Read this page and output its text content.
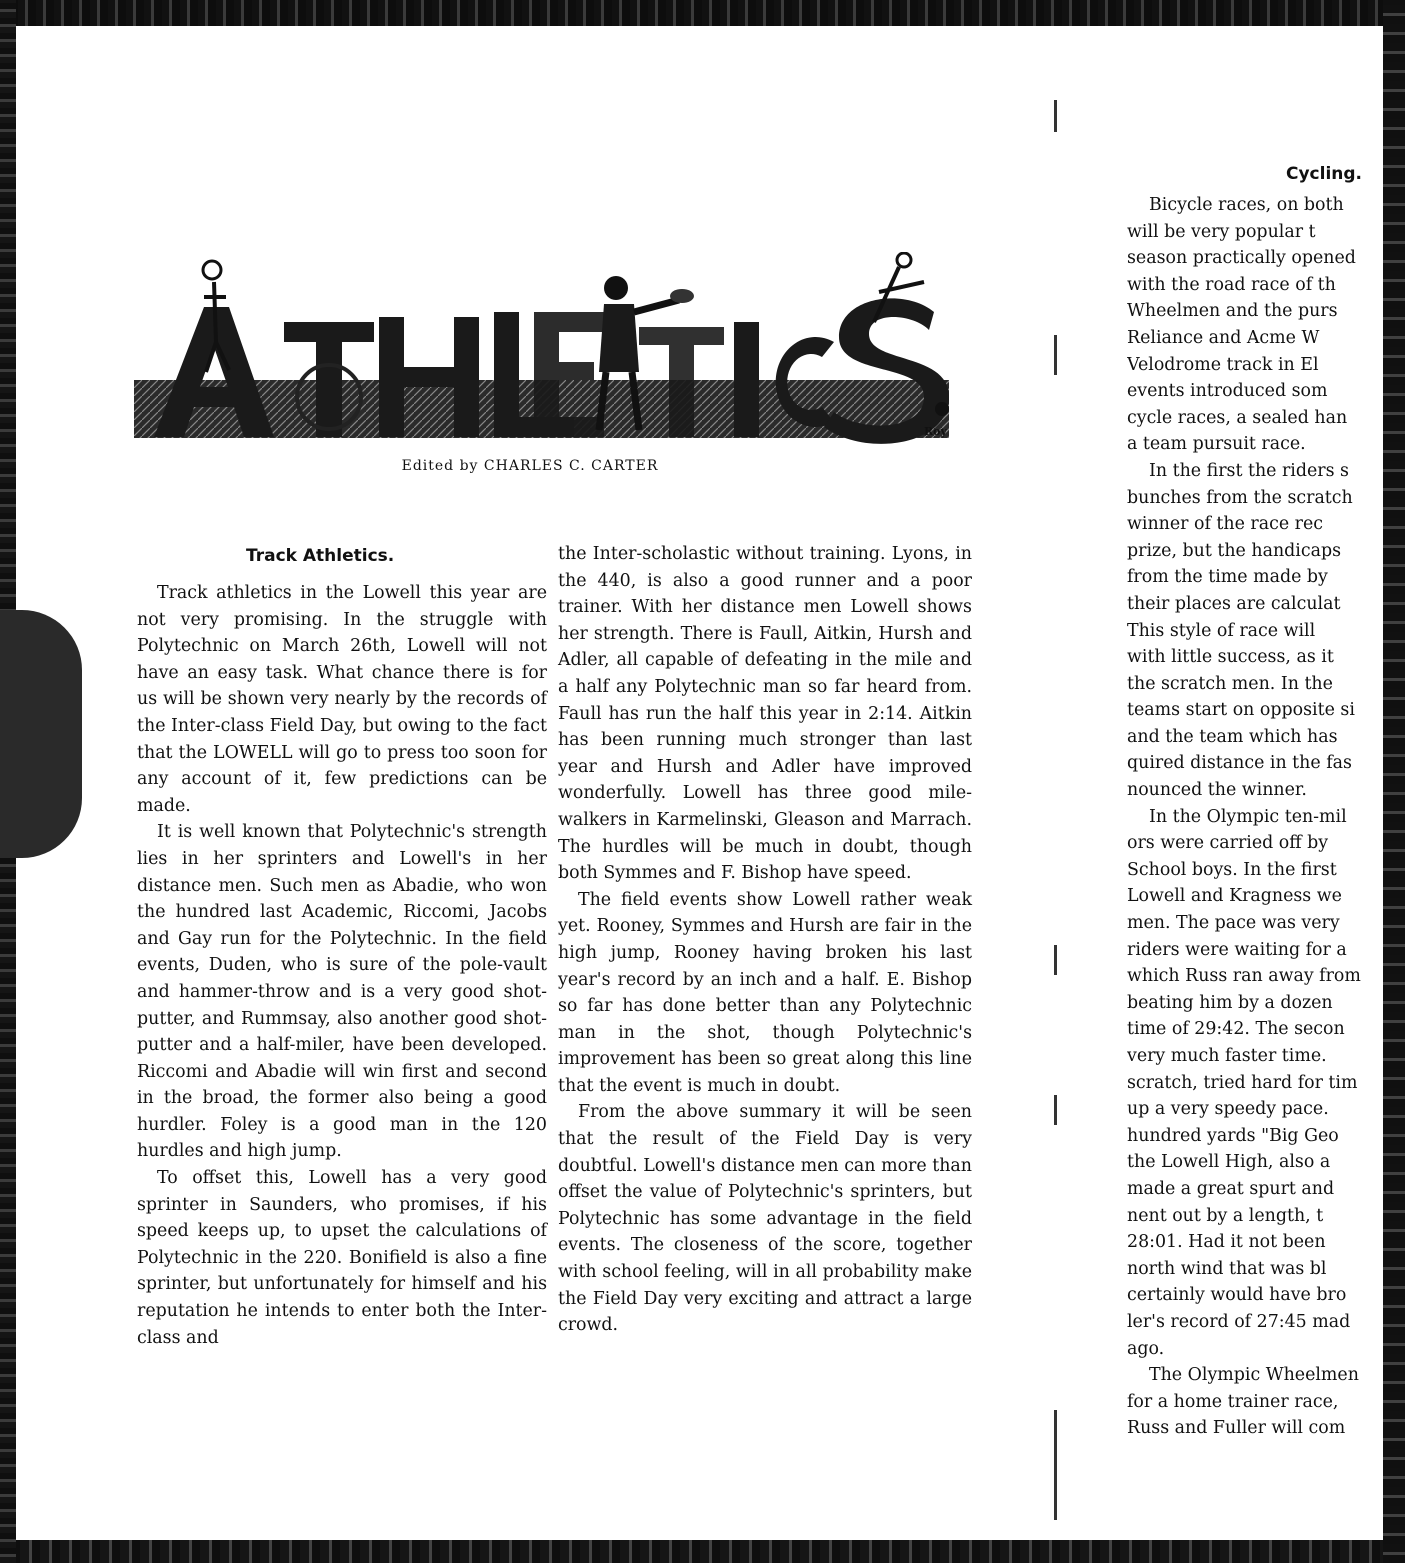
Roy
Edited by CHARLES C. CARTER
Track Athletics.

Track athletics in the Lowell this year are not very promising. In the struggle with Polytechnic on March 26th, Lowell will not have an easy task. What chance there is for us will be shown very nearly by the records of the Inter-class Field Day, but owing to the fact that the LOWELL will go to press too soon for any account of it, few predictions can be made.

It is well known that Polytechnic's strength lies in her sprinters and Lowell's in her distance men. Such men as Abadie, who won the hundred last Academic, Riccomi, Jacobs and Gay run for the Polytechnic. In the field events, Duden, who is sure of the pole-vault and hammer-throw and is a very good shot-putter, and Rummsay, also another good shot-putter and a half-miler, have been developed. Riccomi and Abadie will win first and second in the broad, the former also being a good hurdler. Foley is a good man in the 120 hurdles and high jump.

To offset this, Lowell has a very good sprinter in Saunders, who promises, if his speed keeps up, to upset the calculations of Polytechnic in the 220. Bonifield is also a fine sprinter, but unfortunately for himself and his reputation he intends to enter both the Inter-class and

the Inter-scholastic without training. Lyons, in the 440, is also a good runner and a poor trainer. With her distance men Lowell shows her strength. There is Faull, Aitkin, Hursh and Adler, all capable of defeating in the mile and a half any Polytechnic man so far heard from. Faull has run the half this year in 2:14. Aitkin has been running much stronger than last year and Hursh and Adler have improved wonderfully. Lowell has three good mile-walkers in Karmelinski, Gleason and Marrach. The hurdles will be much in doubt, though both Symmes and F. Bishop have speed.

The field events show Lowell rather weak yet. Rooney, Symmes and Hursh are fair in the high jump, Rooney having broken his last year's record by an inch and a half. E. Bishop so far has done better than any Polytechnic man in the shot, though Polytechnic's improvement has been so great along this line that the event is much in doubt.

From the above summary it will be seen that the result of the Field Day is very doubtful. Lowell's distance men can more than offset the value of Polytechnic's sprinters, but Polytechnic has some advantage in the field events. The closeness of the score, together with school feeling, will in all probability make the Field Day very exciting and attract a large crowd.

Cycling.
Bicycle races, on both
will be very popular t
season practically opened
with the road race of th
Wheelmen and the purs
Reliance and Acme W
Velodrome track in El
events introduced som
cycle races, a sealed han
a team pursuit race.
In the first the riders s
bunches from the scratch
winner of the race rec
prize, but the handicaps
from the time made by
their places are calculat
This style of race will
with little success, as it
the scratch men. In the
teams start on opposite si
and the team which has
quired distance in the fas
nounced the winner.
In the Olympic ten-mil
ors were carried off by
School boys. In the first
Lowell and Kragness we
men. The pace was very
riders were waiting for a
which Russ ran away from
beating him by a dozen
time of 29:42. The secon
very much faster time.
scratch, tried hard for tim
up a very speedy pace.
hundred yards "Big Geo
the Lowell High, also a
made a great spurt and
nent out by a length, t
28:01. Had it not been
north wind that was bl
certainly would have bro
ler's record of 27:45 mad
ago.
The Olympic Wheelmen
for a home trainer race,
Russ and Fuller will com
